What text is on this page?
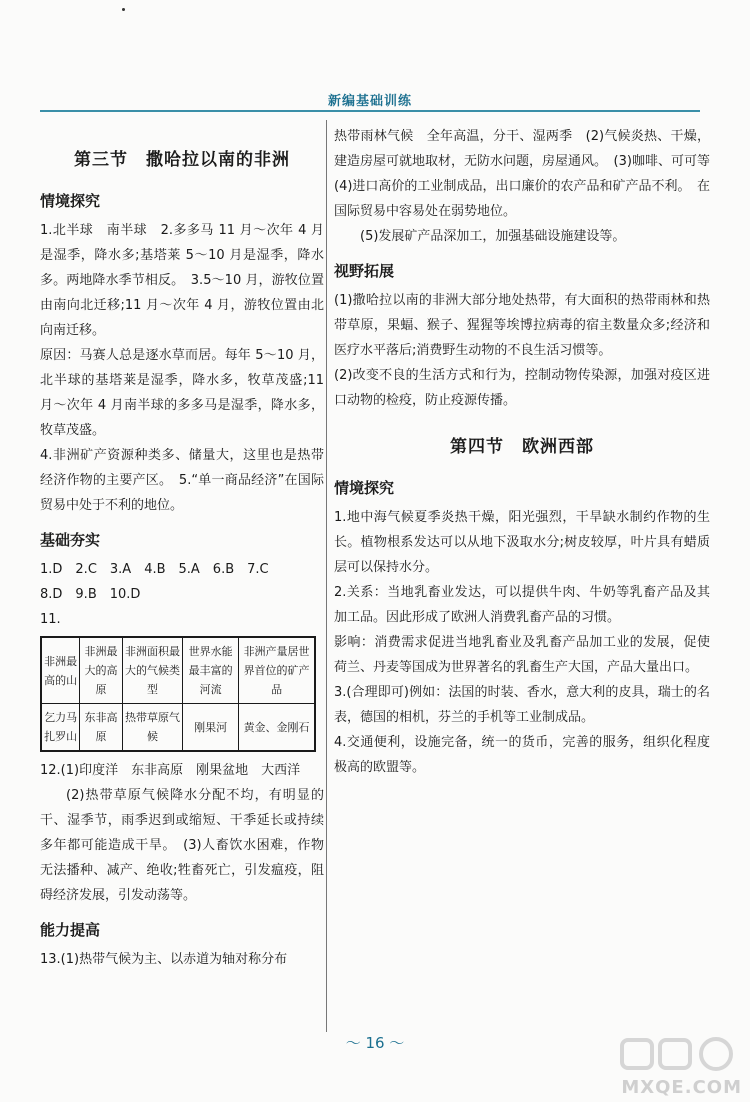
新编基础训练
第三节 撒哈拉以南的非洲
情境探究

1.北半球　南半球　2.多多马 11 月～次年 4 月是湿季，降水多;基塔莱 5～10 月是湿季，降水多。两地降水季节相反。　3.5～10 月，游牧位置由南向北迁移;11 月～次年 4 月，游牧位置由北向南迁移。

原因：马赛人总是逐水草而居。每年 5～10 月，北半球的基塔莱是湿季，降水多，牧草茂盛;11 月～次年 4 月南半球的多多马是湿季，降水多，牧草茂盛。

4.非洲矿产资源种类多、储量大，这里也是热带经济作物的主要产区。　5.“单一商品经济”在国际贸易中处于不利的地位。

基础夯实

1.D　2.C　3.A　4.B　5.A　6.B　7.C

8.D　9.B　10.D

11.

非洲最高的山	非洲最大的高原	非洲面积最大的气候类型	世界水能最丰富的河流	非洲产量居世界首位的矿产品
乞力马扎罗山	东非高原	热带草原气候	刚果河	黄金、金刚石

12.(1)印度洋　东非高原　刚果盆地　大西洋

(2)热带草原气候降水分配不均，有明显的干、湿季节，雨季迟到或缩短、干季延长或持续多年都可能造成干旱。　(3)人畜饮水困难，作物无法播种、减产、绝收;牲畜死亡，引发瘟疫，阻碍经济发展，引发动荡等。

能力提高

13.(1)热带气候为主、以赤道为轴对称分布

热带雨林气候　全年高温，分干、湿两季　(2)气候炎热、干燥，建造房屋可就地取材，无防水问题，房屋通风。　(3)咖啡、可可等　(4)进口高价的工业制成品，出口廉价的农产品和矿产品不利。　在国际贸易中容易处在弱势地位。

(5)发展矿产品深加工，加强基础设施建设等。

视野拓展

(1)撒哈拉以南的非洲大部分地处热带，有大面积的热带雨林和热带草原，果蝠、猴子、猩猩等埃博拉病毒的宿主数量众多;经济和医疗水平落后;消费野生动物的不良生活习惯等。

(2)改变不良的生活方式和行为，控制动物传染源，加强对疫区进口动物的检疫，防止疫源传播。

第四节 欧洲西部
情境探究

1.地中海气候夏季炎热干燥，阳光强烈，干旱缺水制约作物的生长。植物根系发达可以从地下汲取水分;树皮较厚，叶片具有蜡质层可以保持水分。

2.关系：当地乳畜业发达，可以提供牛肉、牛奶等乳畜产品及其加工品。因此形成了欧洲人消费乳畜产品的习惯。

影响：消费需求促进当地乳畜业及乳畜产品加工业的发展，促使荷兰、丹麦等国成为世界著名的乳畜生产大国，产品大量出口。

3.(合理即可)例如：法国的时装、香水，意大利的皮具，瑞士的名表，德国的相机，芬兰的手机等工业制成品。

4.交通便利，设施完备，统一的货币，完善的服务，组织化程度极高的欧盟等。

～ 16 ～
MXQE.COM
